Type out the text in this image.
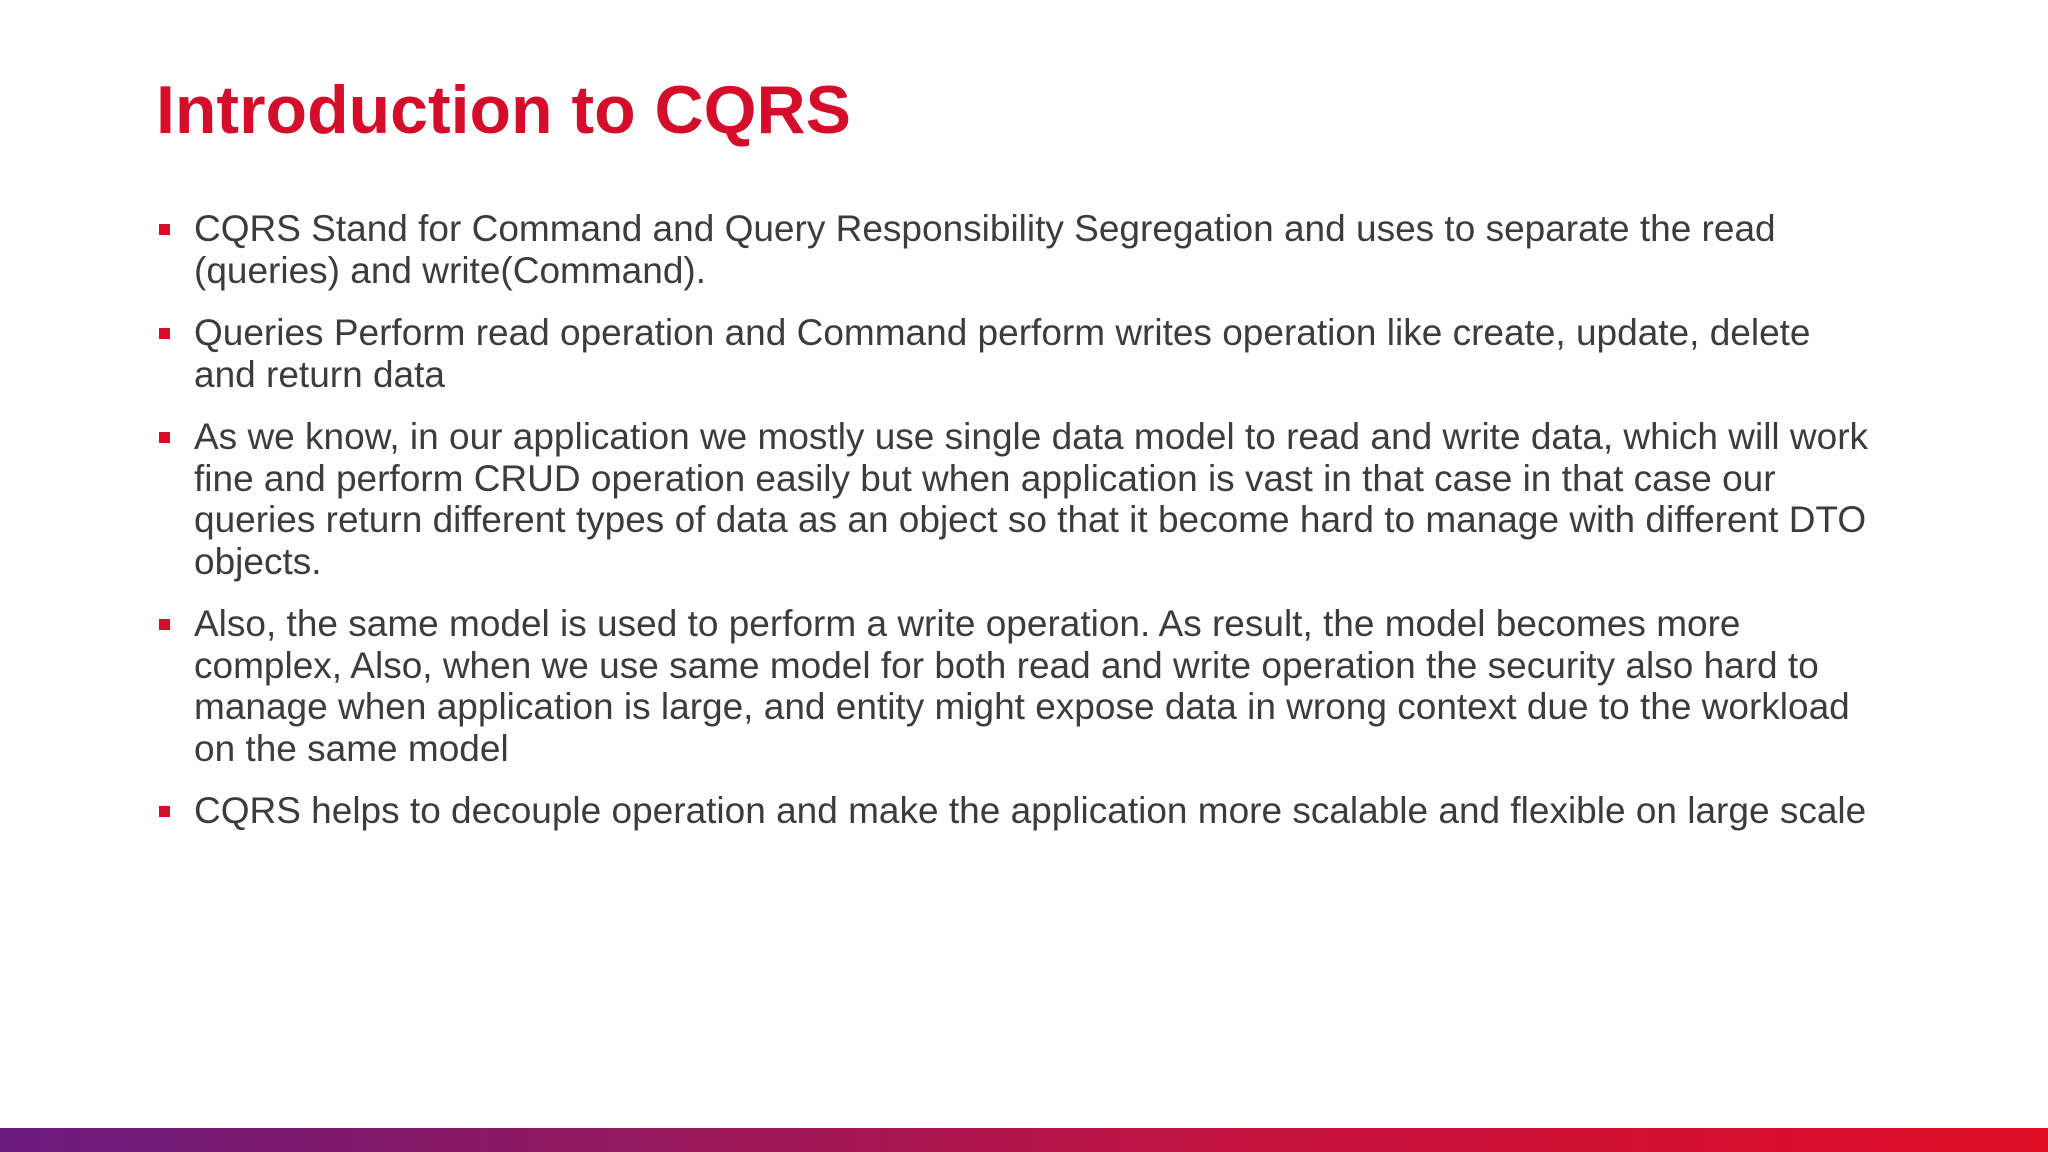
Introduction to CQRS
CQRS Stand for Command and Query Responsibility Segregation and uses to separate the read (queries) and write(Command).
Queries Perform read operation and Command perform writes operation like create, update, delete and return data
As we know, in our application we mostly use single data model to read and write data, which will work fine and perform CRUD operation easily but when application is vast in that case in that case our queries return different types of data as an object so that it become hard to manage with different DTO objects.
Also, the same model is used to perform a write operation. As result, the model becomes more complex, Also, when we use same model for both read and write operation the security also hard to manage when application is large, and entity might expose data in wrong context due to the workload on the same model
CQRS helps to decouple operation and make the application more scalable and flexible on large scale
